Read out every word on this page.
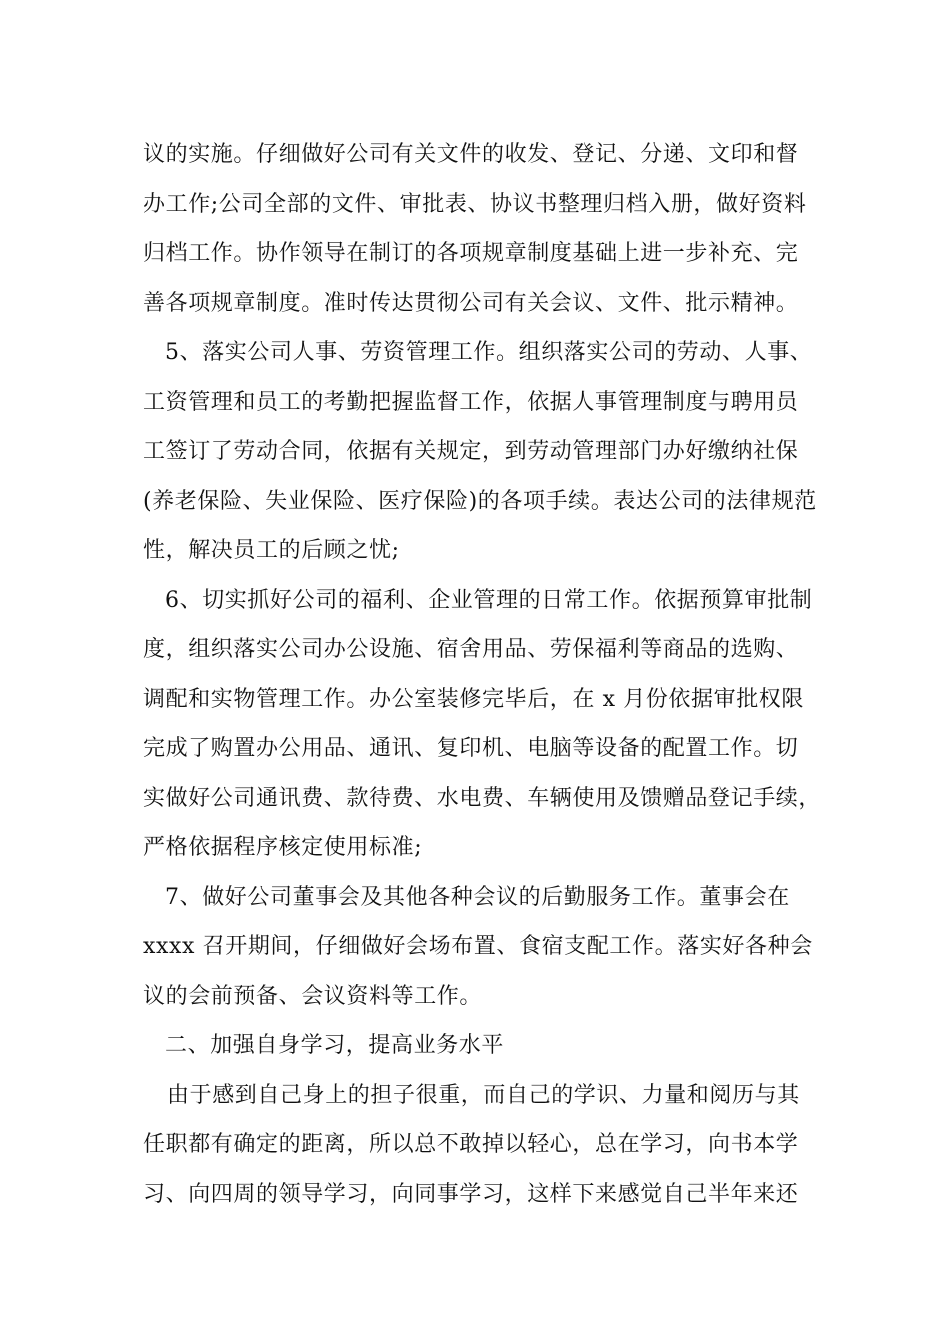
议的实施。仔细做好公司有关文件的收发、登记、分递、文印和督
办工作;公司全部的文件、审批表、协议书整理归档入册，做好资料
归档工作。协作领导在制订的各项规章制度基础上进一步补充、完
善各项规章制度。准时传达贯彻公司有关会议、文件、批示精神。
5、落实公司人事、劳资管理工作。组织落实公司的劳动、人事、
工资管理和员工的考勤把握监督工作，依据人事管理制度与聘用员
工签订了劳动合同，依据有关规定，到劳动管理部门办好缴纳社保
(养老保险、失业保险、医疗保险)的各项手续。表达公司的法律规范
性，解决员工的后顾之忧;
6、切实抓好公司的福利、企业管理的日常工作。依据预算审批制
度，组织落实公司办公设施、宿舍用品、劳保福利等商品的选购、
调配和实物管理工作。办公室装修完毕后，在 x 月份依据审批权限
完成了购置办公用品、通讯、复印机、电脑等设备的配置工作。切
实做好公司通讯费、款待费、水电费、车辆使用及馈赠品登记手续，
严格依据程序核定使用标准;
7、做好公司董事会及其他各种会议的后勤服务工作。董事会在
xxxx 召开期间，仔细做好会场布置、食宿支配工作。落实好各种会
议的会前预备、会议资料等工作。
二、加强自身学习，提高业务水平
由于感到自己身上的担子很重，而自己的学识、力量和阅历与其
任职都有确定的距离，所以总不敢掉以轻心，总在学习，向书本学
习、向四周的领导学习，向同事学习，这样下来感觉自己半年来还
